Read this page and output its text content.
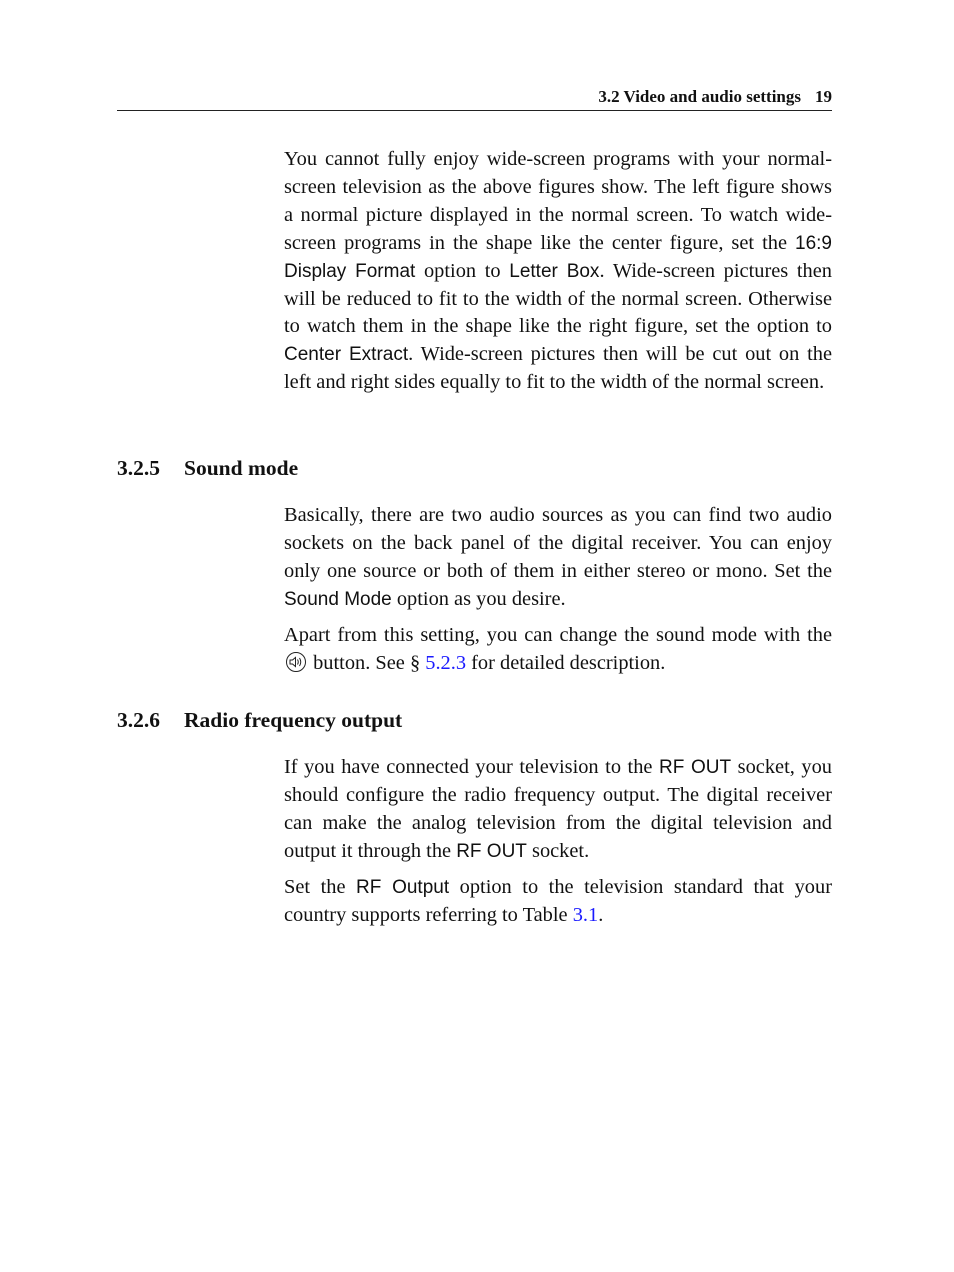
3.2 Video and audio settings 19

You cannot fully enjoy wide-screen programs with your normal-screen television as the above figures show. The left figure shows a normal picture displayed in the normal screen. To watch wide-screen programs in the shape like the center figure, set the 16:9 Display Format option to Letter Box. Wide-screen pictures then will be reduced to fit to the width of the normal screen. Otherwise to watch them in the shape like the right figure, set the option to Center Extract. Wide-screen pictures then will be cut out on the left and right sides equally to fit to the width of the normal screen.

3.2.5 Sound mode

Basically, there are two audio sources as you can find two audio sockets on the back panel of the digital receiver. You can enjoy only one source or both of them in either stereo or mono. Set the Sound Mode option as you desire.

Apart from this setting, you can change the sound mode with the
button. See § 5.2.3 for detailed description.

3.2.6 Radio frequency output

If you have connected your television to the RF OUT socket, you should configure the radio frequency output. The digital receiver can make the analog television from the digital television and output it through the RF OUT socket.

Set the RF Output option to the television standard that your country supports referring to Table 3.1.
